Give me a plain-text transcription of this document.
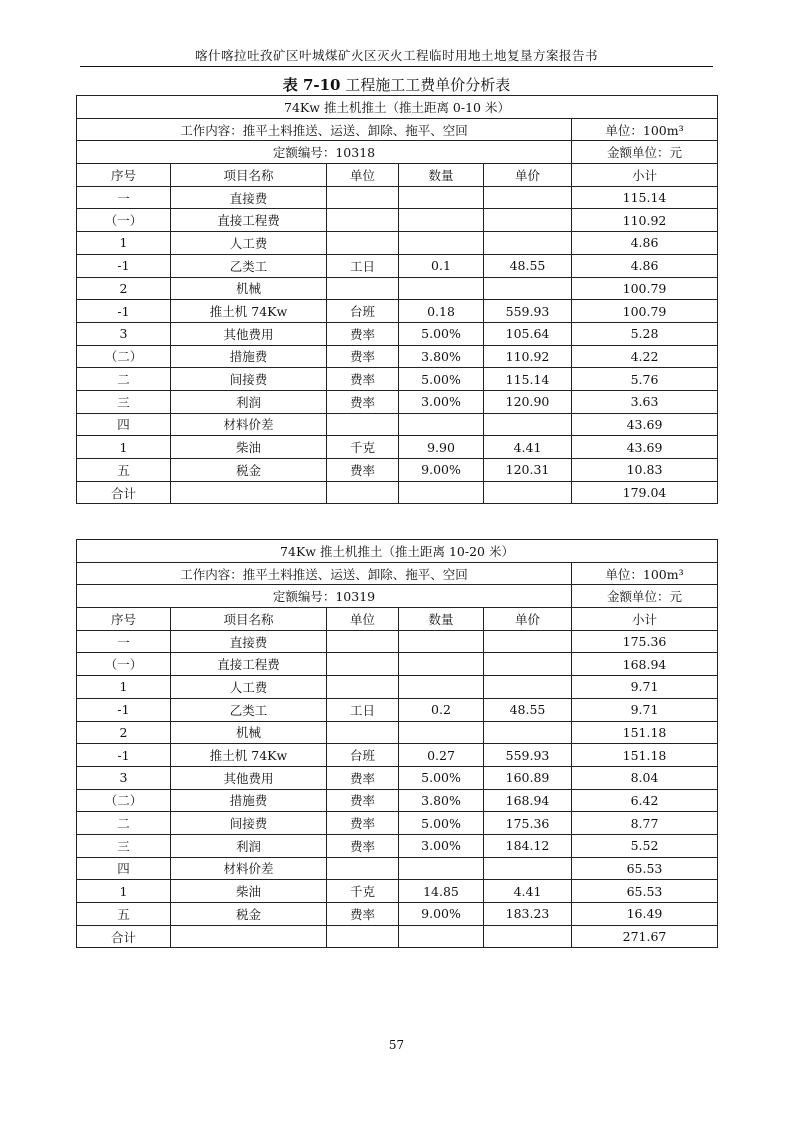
喀什喀拉吐孜矿区叶城煤矿火区灭火工程临时用地土地复垦方案报告书
表 7-10 工程施工工费单价分析表
74Kw 推土机推土（推土距离 0-10 米）					
工作内容：推平土料推送、运送、卸除、拖平、空回					单位：100m³
定额编号：10318					金额单位：元
序号	项目名称	单位	数量	单价	小计
一	直接费				115.14
（一）	直接工程费				110.92
1	人工费				4.86
-1	乙类工	工日	0.1	48.55	4.86
2	机械				100.79
-1	推土机 74Kw	台班	0.18	559.93	100.79
3	其他费用	费率	5.00%	105.64	5.28
（二）	措施费	费率	3.80%	110.92	4.22
二	间接费	费率	5.00%	115.14	5.76
三	利润	费率	3.00%	120.90	3.63
四	材料价差				43.69
1	柴油	千克	9.90	4.41	43.69
五	税金	费率	9.00%	120.31	10.83
合计					179.04
74Kw 推土机推土（推土距离 10-20 米）					
工作内容：推平土料推送、运送、卸除、拖平、空回					单位：100m³
定额编号：10319					金额单位：元
序号	项目名称	单位	数量	单价	小计
一	直接费				175.36
（一）	直接工程费				168.94
1	人工费				9.71
-1	乙类工	工日	0.2	48.55	9.71
2	机械				151.18
-1	推土机 74Kw	台班	0.27	559.93	151.18
3	其他费用	费率	5.00%	160.89	8.04
（二）	措施费	费率	3.80%	168.94	6.42
二	间接费	费率	5.00%	175.36	8.77
三	利润	费率	3.00%	184.12	5.52
四	材料价差				65.53
1	柴油	千克	14.85	4.41	65.53
五	税金	费率	9.00%	183.23	16.49
合计					271.67
57
